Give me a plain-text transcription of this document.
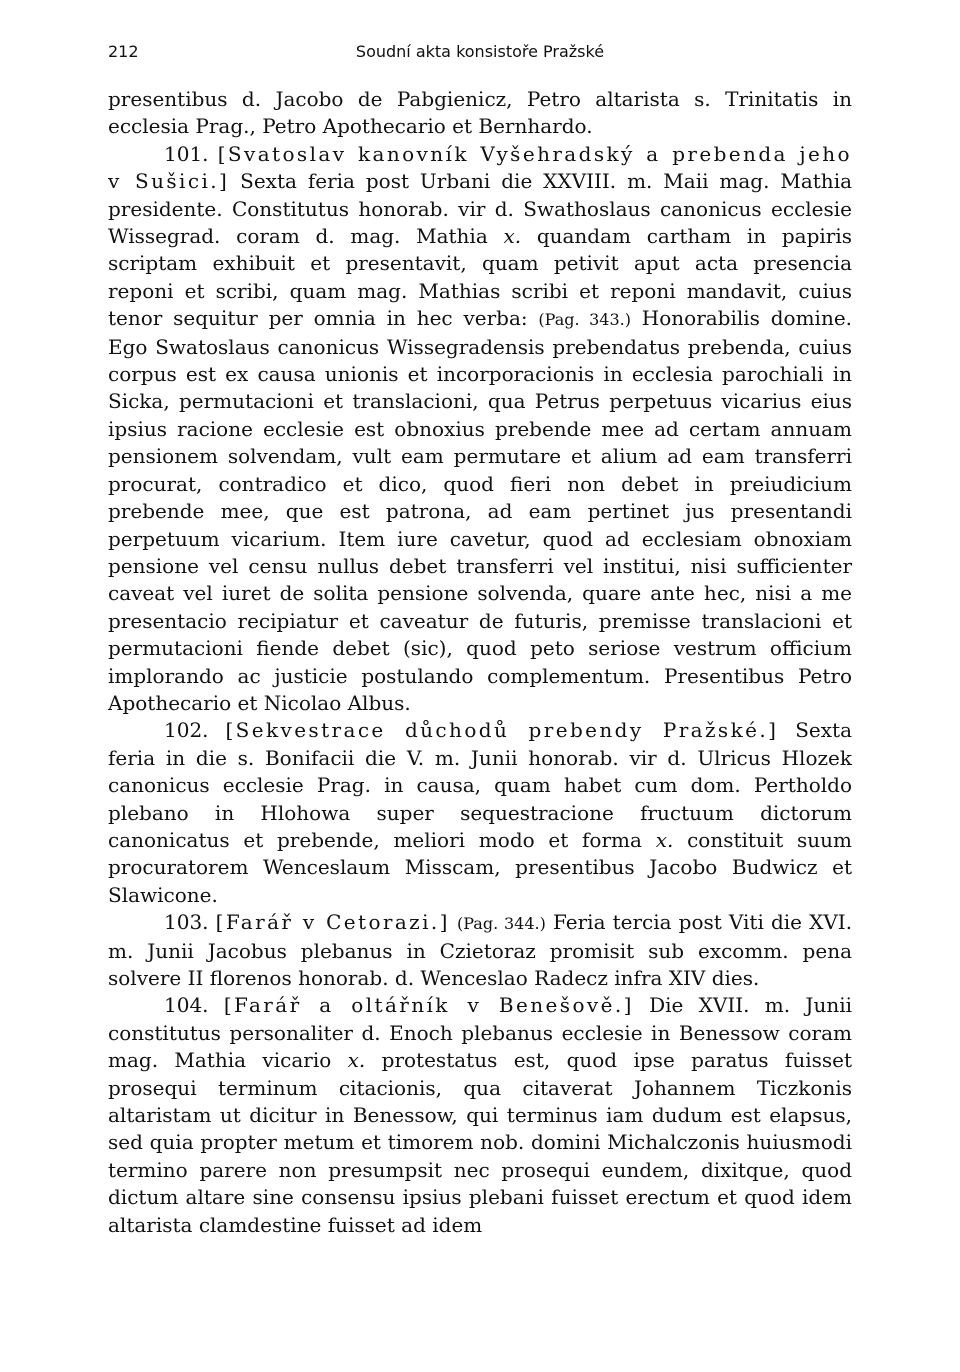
212	Soudní akta konsistoře Pražské

presentibus d. Jacobo de Pabgienicz, Petro altarista s. Trinitatis in ecclesia Prag., Petro Apothecario et Bernhardo.

101. [Svatoslav kanovník Vyšehradský a prebenda jeho v Sušici.] Sexta feria post Urbani die XXVIII. m. Maii mag. Mathia presidente. Constitutus honorab. vir d. Swathoslaus canonicus ecclesie Wissegrad. coram d. mag. Mathia x. quandam cartham in papiris scriptam exhibuit et presentavit, quam petivit aput acta presencia reponi et scribi, quam mag. Mathias scribi et reponi mandavit, cuius tenor sequitur per omnia in hec verba: (Pag. 343.) Honorabilis domine. Ego Swatoslaus canonicus Wissegradensis prebendatus prebenda, cuius corpus est ex causa unionis et incorporacionis in ecclesia parochiali in Sicka, permutacioni et translacioni, qua Petrus perpetuus vicarius eius ipsius racione ecclesie est obnoxius prebende mee ad certam annuam pensionem solvendam, vult eam permutare et alium ad eam transferri procurat, contradico et dico, quod fieri non debet in preiudicium prebende mee, que est patrona, ad eam pertinet jus presentandi perpetuum vicarium. Item iure cavetur, quod ad ecclesiam obnoxiam pensione vel censu nullus debet transferri vel institui, nisi sufficienter caveat vel iuret de solita pensione solvenda, quare ante hec, nisi a me presentacio recipiatur et caveatur de futuris, premisse translacioni et permutacioni fiende debet (sic), quod peto seriose vestrum officium implorando ac justicie postulando complementum. Presentibus Petro Apothecario et Nicolao Albus.

102. [Sekvestrace důchodů prebendy Pražské.] Sexta feria in die s. Bonifacii die V. m. Junii honorab. vir d. Ulricus Hlozek canonicus ecclesie Prag. in causa, quam habet cum dom. Pertholdo plebano in Hlohowa super sequestracione fructuum dictorum canonicatus et prebende, meliori modo et forma x. constituit suum procuratorem Wenceslaum Misscam, presentibus Jacobo Budwicz et Slawicone.

103. [Farář v Cetorazi.] (Pag. 344.) Feria tercia post Viti die XVI. m. Junii Jacobus plebanus in Czietoraz promisit sub excomm. pena solvere II florenos honorab. d. Wenceslao Radecz infra XIV dies.

104. [Farář a oltářník v Benešově.] Die XVII. m. Junii constitutus personaliter d. Enoch plebanus ecclesie in Benessow coram mag. Mathia vicario x. protestatus est, quod ipse paratus fuisset prosequi terminum citacionis, qua citaverat Johannem Ticzkonis altaristam ut dicitur in Benessow, qui terminus iam dudum est elapsus, sed quia propter metum et timorem nob. domini Michalczonis huiusmodi termino parere non presumpsit nec prosequi eundem, dixitque, quod dictum altare sine consensu ipsius plebani fuisset erectum et quod idem altarista clamdestine fuisset ad idem
